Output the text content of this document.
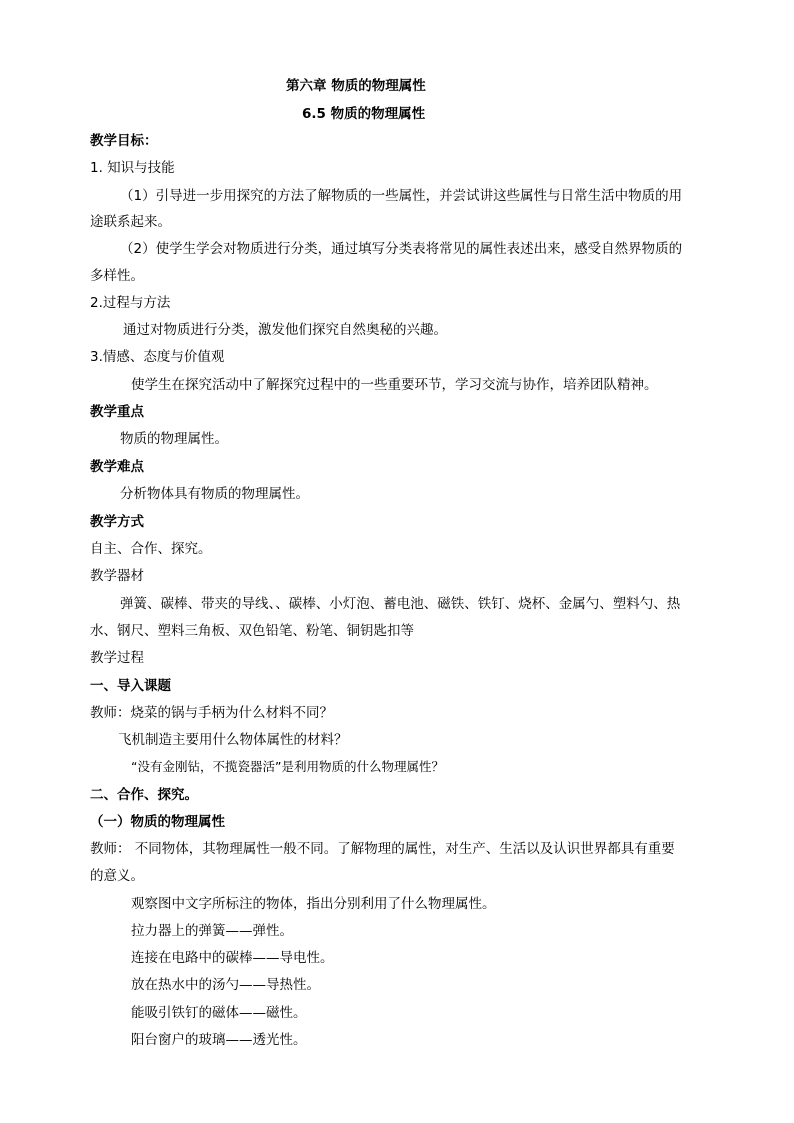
第六章 物质的物理属性
6.5 物质的物理属性
教学目标：
1. 知识与技能
（1）引导进一步用探究的方法了解物质的一些属性，并尝试讲这些属性与日常生活中物质的用
途联系起来。
（2）使学生学会对物质进行分类，通过填写分类表将常见的属性表述出来，感受自然界物质的
多样性。
2.过程与方法
通过对物质进行分类，激发他们探究自然奥秘的兴趣。
3.情感、态度与价值观
使学生在探究活动中了解探究过程中的一些重要环节，学习交流与协作，培养团队精神。
教学重点
物质的物理属性。
教学难点
分析物体具有物质的物理属性。
教学方式
自主、合作、探究。
教学器材
弹簧、碳棒、带夹的导线、、碳棒、小灯泡、蓄电池、磁铁、铁钉、烧杯、金属勺、塑料勺、热
水、钢尺、塑料三角板、双色铅笔、粉笔、铜钥匙扣等
教学过程
一、导入课题
教师：烧菜的锅与手柄为什么材料不同？
飞机制造主要用什么物体属性的材料？
“没有金刚钻，不揽瓷器活”是利用物质的什么物理属性？
二、合作、探究。
（一）物质的物理属性
教师： 不同物体，其物理属性一般不同。了解物理的属性，对生产、生活以及认识世界都具有重要
的意义。
观察图中文字所标注的物体，指出分别利用了什么物理属性。
拉力器上的弹簧——弹性。
连接在电路中的碳棒——导电性。
放在热水中的汤勺——导热性。
能吸引铁钉的磁体——磁性。
阳台窗户的玻璃——透光性。
